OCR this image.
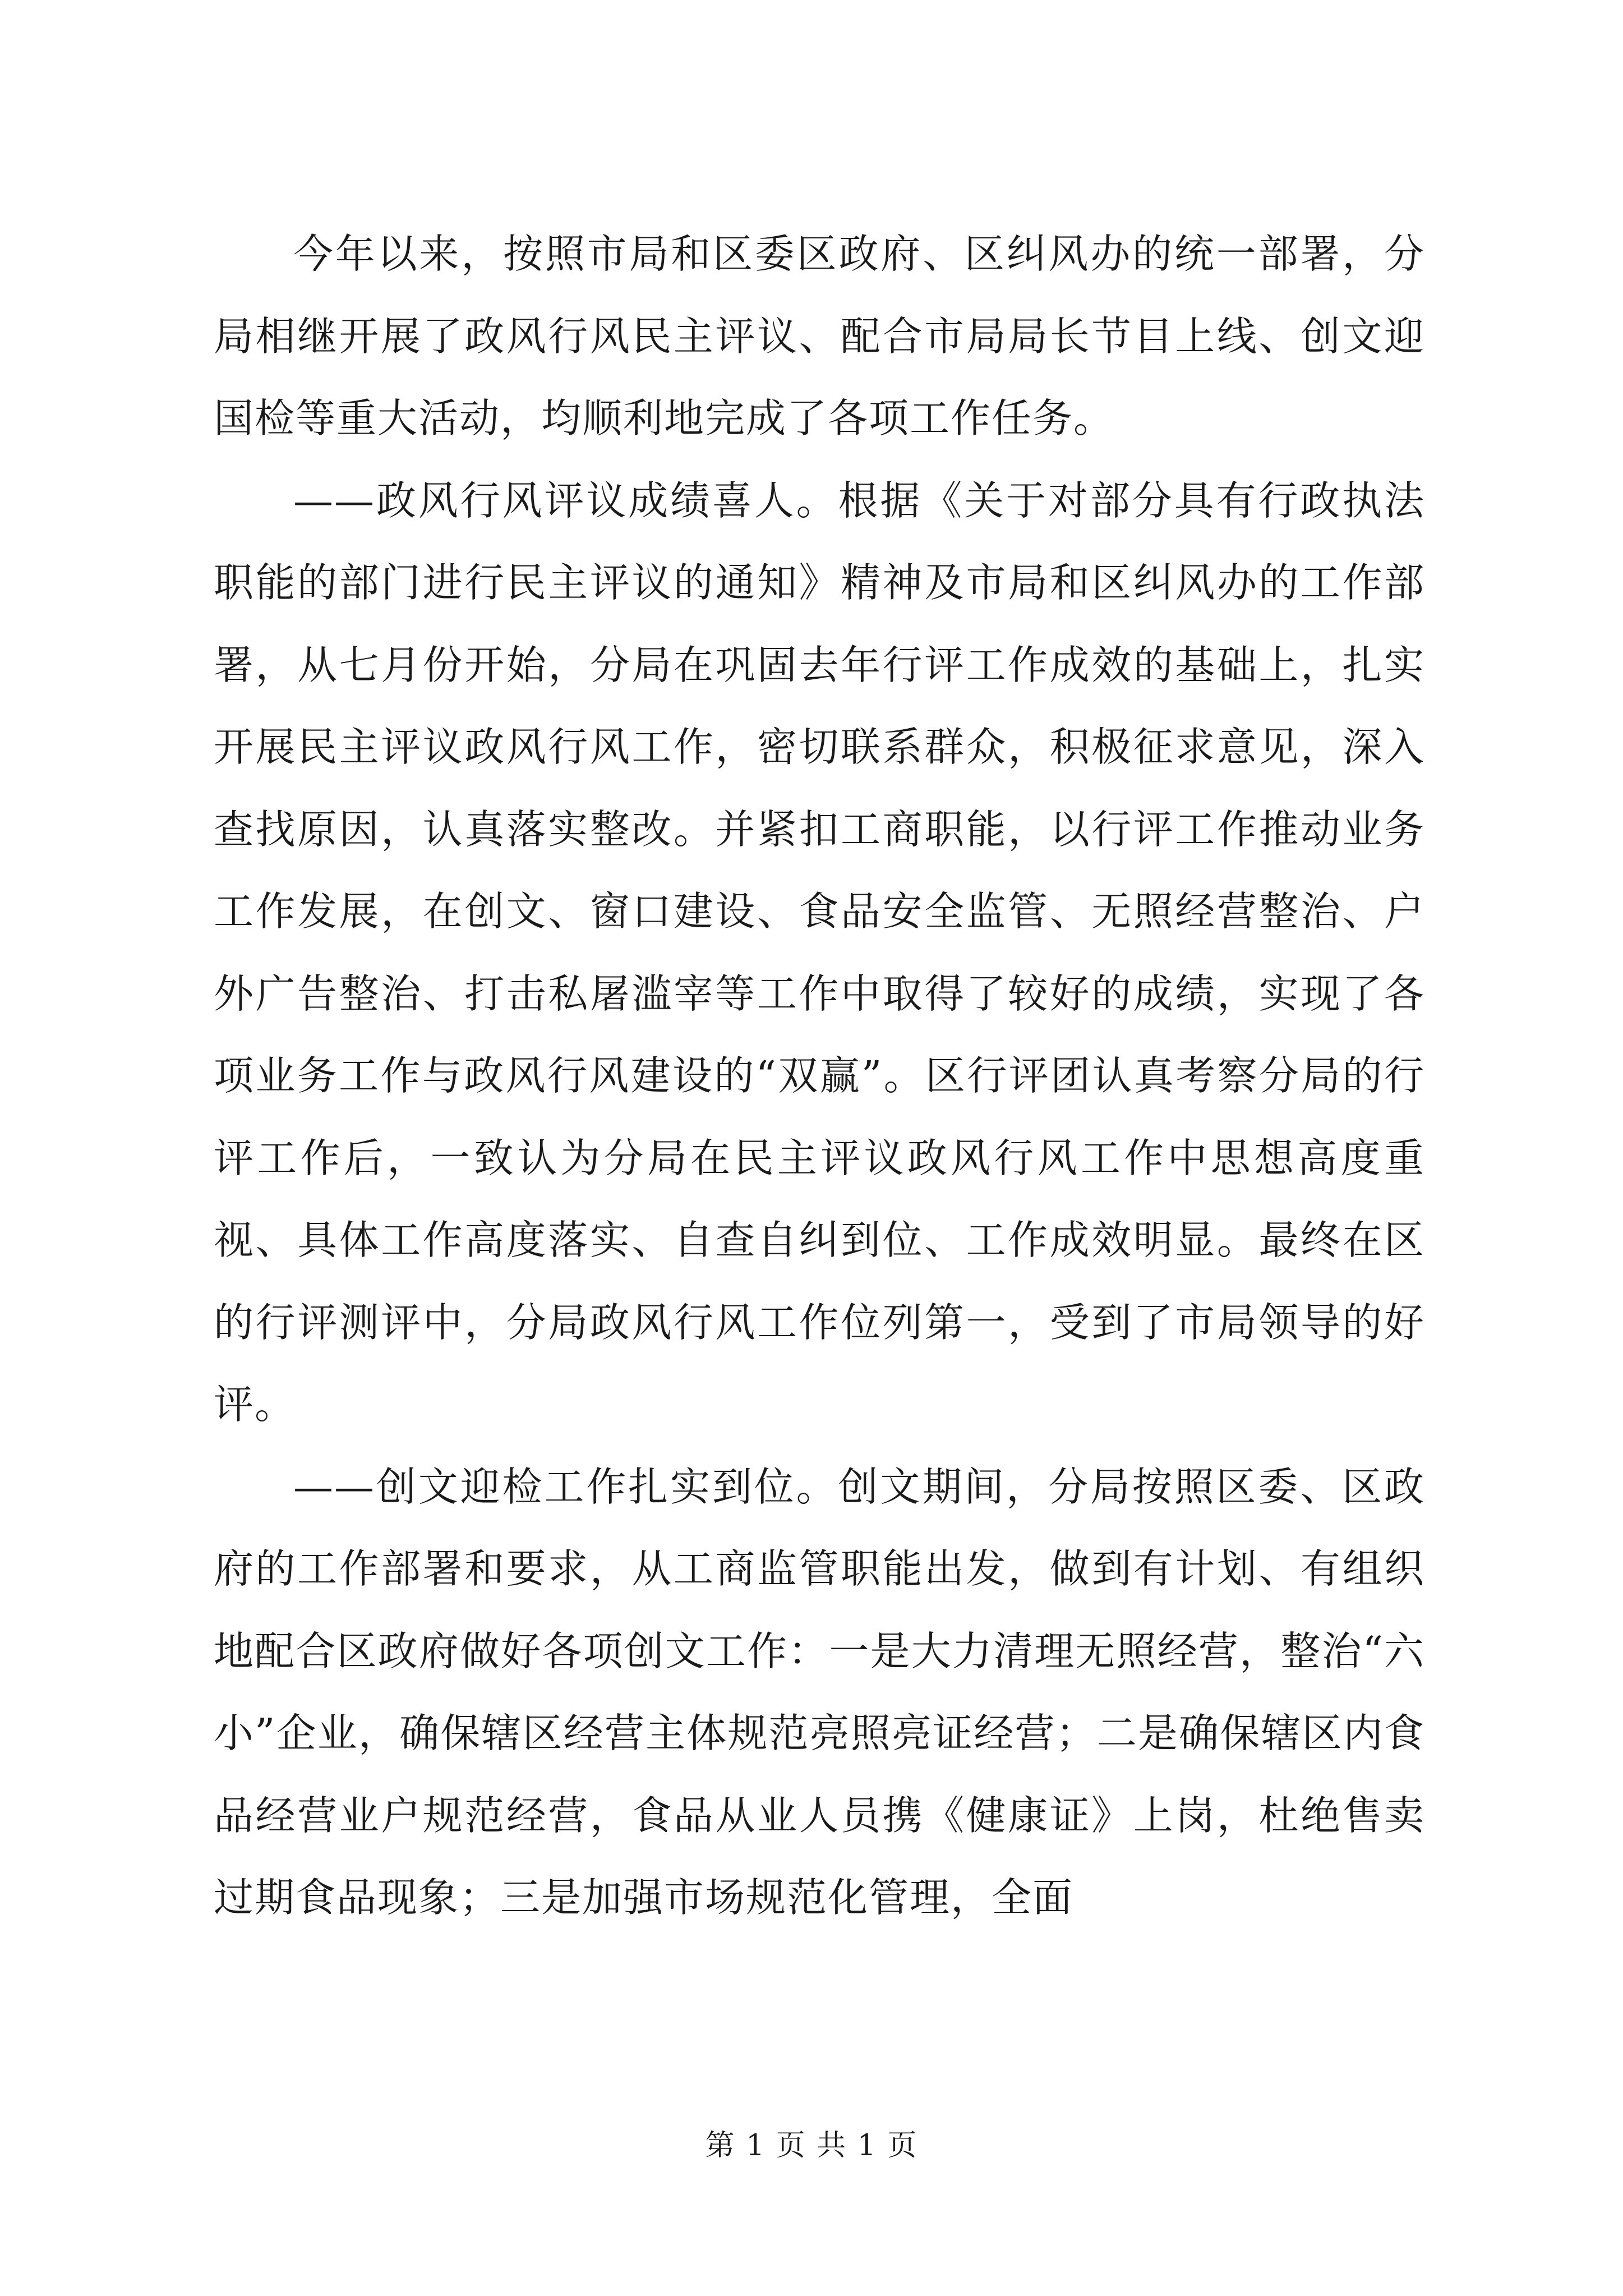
今年以来，按照市局和区委区政府、区纠风办的统一部署，分局相继开展了政风行风民主评议、配合市局局长节目上线、创文迎国检等重大活动，均顺利地完成了各项工作任务。

——政风行风评议成绩喜人。根据《关于对部分具有行政执法职能的部门进行民主评议的通知》精神及市局和区纠风办的工作部署，从七月份开始，分局在巩固去年行评工作成效的基础上，扎实开展民主评议政风行风工作，密切联系群众，积极征求意见，深入查找原因，认真落实整改。并紧扣工商职能，以行评工作推动业务工作发展，在创文、窗口建设、食品安全监管、无照经营整治、户外广告整治、打击私屠滥宰等工作中取得了较好的成绩，实现了各项业务工作与政风行风建设的“双赢”。区行评团认真考察分局的行评工作后，一致认为分局在民主评议政风行风工作中思想高度重视、具体工作高度落实、自查自纠到位、工作成效明显。最终在区的行评测评中，分局政风行风工作位列第一，受到了市局领导的好评。

——创文迎检工作扎实到位。创文期间，分局按照区委、区政府的工作部署和要求，从工商监管职能出发，做到有计划、有组织地配合区政府做好各项创文工作：一是大力清理无照经营，整治“六小”企业，确保辖区经营主体规范亮照亮证经营；二是确保辖区内食品经营业户规范经营，食品从业人员携《健康证》上岗，杜绝售卖过期食品现象；三是加强市场规范化管理，全面

第 1 页 共 1 页
